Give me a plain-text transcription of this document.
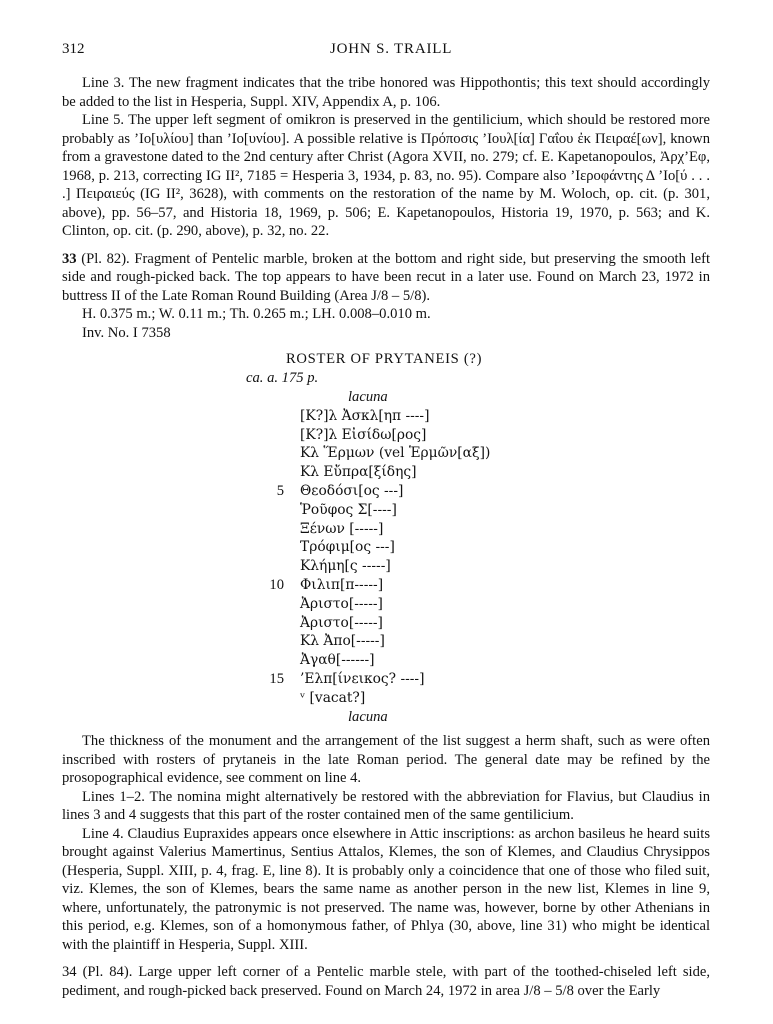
312	JOHN S. TRAILL

Line 3. The new fragment indicates that the tribe honored was Hippothontis; this text should accordingly be added to the list in Hesperia, Suppl. XIV, Appendix A, p. 106.

Line 5. The upper left segment of omikron is preserved in the gentilicium, which should be restored more probably as ’Ιο[υλίου] than ’Ιο[υνίου]. A possible relative is Πρόποσις ’Ιουλ[ία] Γαΐου ἐκ Πειραέ[ων], known from a gravestone dated to the 2nd century after Christ (Agora XVII, no. 279; cf. E. Kapetanopoulos, Ἀρχ’Εφ, 1968, p. 213, correcting IG II², 7185 = Hesperia 3, 1934, p. 83, no. 95). Compare also ’Ιεροφάντης Δ ’Ιο[ύ . . . .] Πειραιεύς (IG II², 3628), with comments on the restoration of the name by M. Woloch, op. cit. (p. 301, above), pp. 56–57, and Historia 18, 1969, p. 506; E. Kapetanopoulos, Historia 19, 1970, p. 563; and K. Clinton, op. cit. (p. 290, above), p. 32, no. 22.

33 (Pl. 82). Fragment of Pentelic marble, broken at the bottom and right side, but preserving the smooth left side and rough-picked back. The top appears to have been recut in a later use. Found on March 23, 1972 in buttress II of the Late Roman Round Building (Area J/8 – 5/8).

H. 0.375 m.; W. 0.11 m.; Th. 0.265 m.; LH. 0.008–0.010 m.

Inv. No. I 7358

ROSTER OF PRYTANEIS (?)
ca. a. 175 p.
lacuna
[Κ?]λ Ἀσκλ[ηπ ----]
[Κ?]λ Εἰσίδω[ρος]
Κλ Ἕρμων (vel Ἑρμῶν[αξ])
Κλ Εὔπρα[ξίδης]
5	Θεοδόσι[ος ---]
Ῥοῦφος Σ[----]
Ξένων [-----]
Τρόφιμ[ος ---]
Κλήμη[ς -----]
10	Φιλιπ[π-----]
Ἀριστο[-----]
Ἀριστο[-----]
Κλ Ἀπο[-----]
Ἀγαθ[------]
15	’Ελπ[ίνεικος? ----]
ᵛ [vacat?]
lacuna

The thickness of the monument and the arrangement of the list suggest a herm shaft, such as were often inscribed with rosters of prytaneis in the late Roman period. The general date may be refined by the prosopographical evidence, see comment on line 4.

Lines 1–2. The nomina might alternatively be restored with the abbreviation for Flavius, but Claudius in lines 3 and 4 suggests that this part of the roster contained men of the same gentilicium.

Line 4. Claudius Eupraxides appears once elsewhere in Attic inscriptions: as archon basileus he heard suits brought against Valerius Mamertinus, Sentius Attalos, Klemes, the son of Klemes, and Claudius Chrysippos (Hesperia, Suppl. XIII, p. 4, frag. E, line 8). It is probably only a coincidence that one of those who filed suit, viz. Klemes, the son of Klemes, bears the same name as another person in the new list, Klemes in line 9, where, unfortunately, the patronymic is not preserved. The name was, however, borne by other Athenians in this period, e.g. Klemes, son of a homonymous father, of Phlya (30, above, line 31) who might be identical with the plaintiff in Hesperia, Suppl. XIII.

34 (Pl. 84). Large upper left corner of a Pentelic marble stele, with part of the toothed-chiseled left side, pediment, and rough-picked back preserved. Found on March 24, 1972 in area J/8 – 5/8 over the Early
